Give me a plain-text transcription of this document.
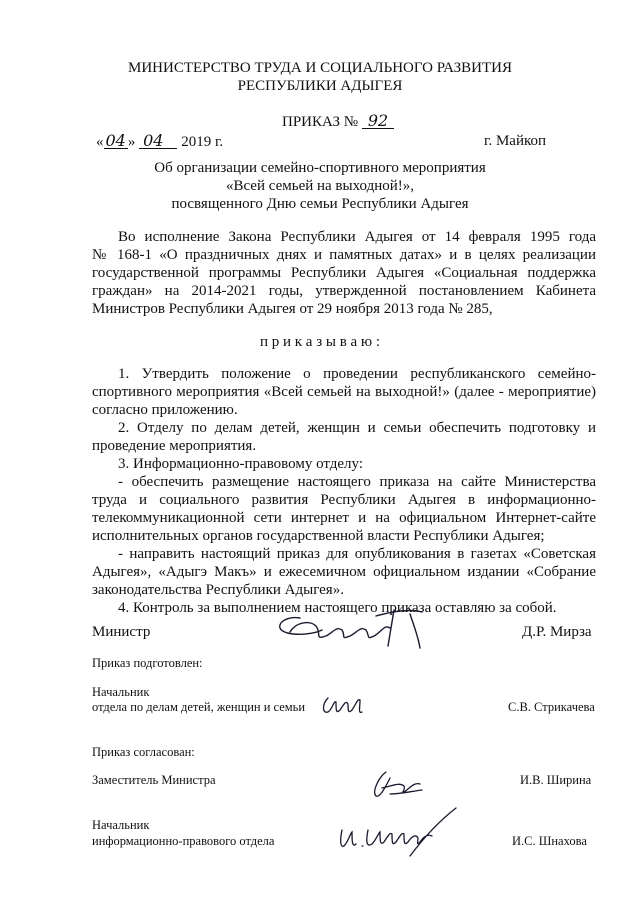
МИНИСТЕРСТВО ТРУДА И СОЦИАЛЬНОГО РАЗВИТИЯ
РЕСПУБЛИКИ АДЫГЕЯ
ПРИКАЗ № 92
« 04 » 04 2019 г.	г. Майкоп
Об организации семейно-спортивного мероприятия
«Всей семьей на выходной!»,
посвященного Дню семьи Республики Адыгея
Во исполнение Закона Республики Адыгея от 14 февраля 1995 года
№ 168-1 «О праздничных днях и памятных датах» и в целях реализации
государственной программы Республики Адыгея «Социальная поддержка
граждан» на 2014-2021 годы, утвержденной постановлением Кабинета
Министров Республики Адыгея от 29 ноября 2013 года № 285,
п р и к а з ы в а ю :
1. Утвердить положение о проведении республиканского семейно-
спортивного мероприятия «Всей семьей на выходной!» (далее - мероприятие)
согласно приложению.
2. Отделу по делам детей, женщин и семьи обеспечить подготовку и
проведение мероприятия.
3. Информационно-правовому отделу:
- обеспечить размещение настоящего приказа на сайте Министерства
труда и социального развития Республики Адыгея в информационно-
телекоммуникационной сети интернет и на официальном Интернет-сайте
исполнительных органов государственной власти Республики Адыгея;
- направить настоящий приказ для опубликования в газетах «Советская
Адыгея», «Адыгэ Макъ» и ежесемичном официальном издании «Собрание
законодательства Республики Адыгея».
4. Контроль за выполнением настоящего приказа оставляю за собой.
Министр	Д.Р. Мирза
Приказ подготовлен:
Начальник
отдела по делам детей, женщин и семьи	С.В. Стрикачева
Приказ согласован:
Заместитель Министра	И.В. Ширина
Начальник
информационно-правового отдела	И.С. Шнахова
